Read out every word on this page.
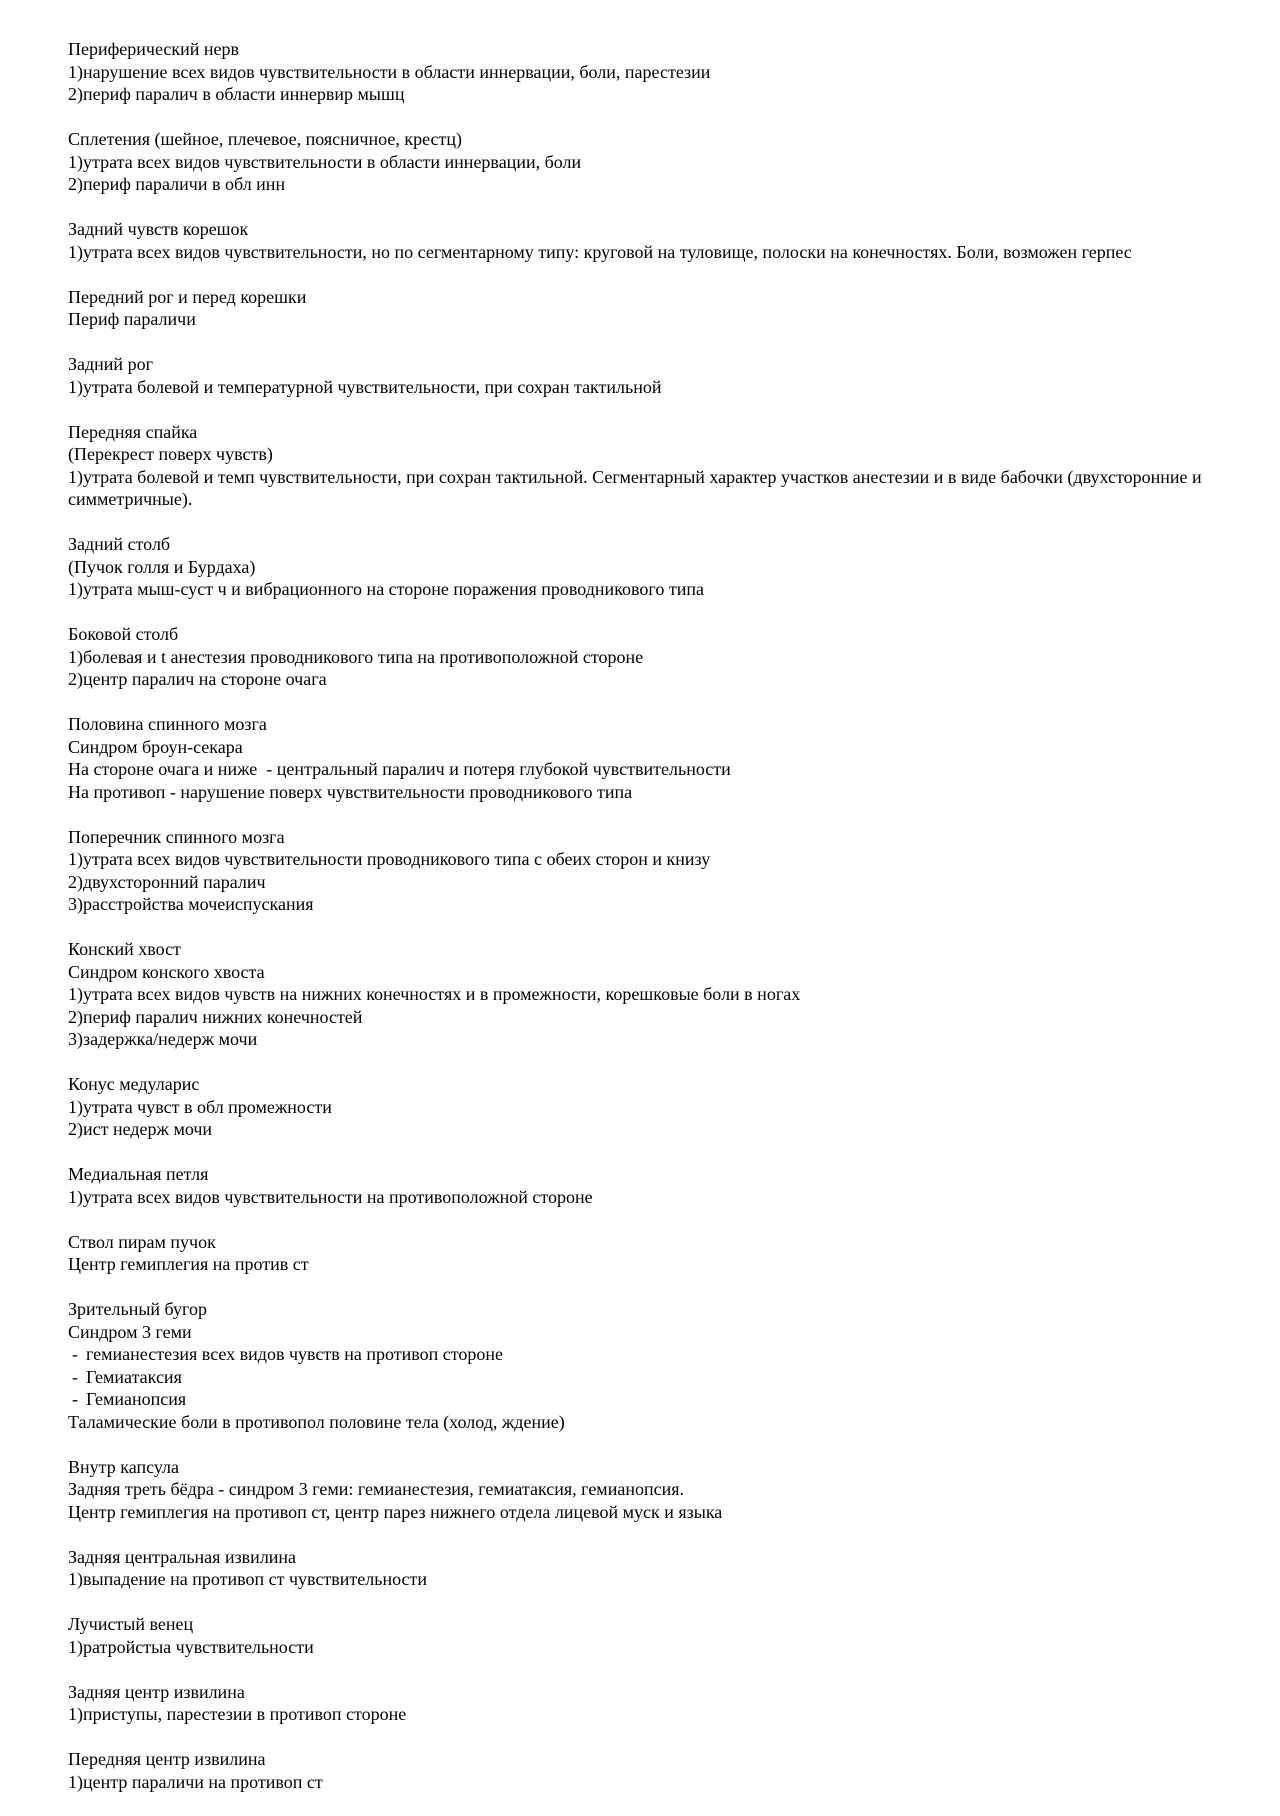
Периферический нерв
1)нарушение всех видов чувствительности в области иннервации, боли, парестезии
2)периф паралич в области иннервир мышц
Сплетения (шейное, плечевое, поясничное, крестц)
1)утрата всех видов чувствительности в области иннервации, боли
2)периф параличи в обл инн
Задний чувств корешок
1)утрата всех видов чувствительности, но по сегментарному типу: круговой на туловище, полоски на конечностях. Боли, возможен герпес
Передний рог и перед корешки
Периф параличи
Задний рог
1)утрата болевой и температурной чувствительности, при сохран тактильной
Передняя спайка
(Перекрест поверх чувств)
1)утрата болевой и темп чувствительности, при сохран тактильной. Сегментарный характер участков анестезии и в виде бабочки (двухсторонние и симметричные).
Задний столб
(Пучок голля и Бурдаха)
1)утрата мыш-суст ч и вибрационного на стороне поражения проводникового типа
Боковой столб
1)болевая и t анестезия проводникового типа на противоположной стороне
2)центр паралич на стороне очага
Половина спинного мозга
Синдром броун-секара
На стороне очага и ниже  - центральный паралич и потеря глубокой чувствительности
На противоп - нарушение поверх чувствительности проводникового типа
Поперечник спинного мозга
1)утрата всех видов чувствительности проводникового типа с обеих сторон и книзу
2)двухсторонний паралич
3)расстройства мочеиспускания
Конский хвост
Синдром конского хвоста
1)утрата всех видов чувств на нижних конечностях и в промежности, корешковые боли в ногах
2)периф паралич нижних конечностей
3)задержка/недерж мочи
Конус медуларис
1)утрата чувст в обл промежности
2)ист недерж мочи
Медиальная петля
1)утрата всех видов чувствительности на противоположной стороне
Ствол пирам пучок
Центр гемиплегия на против ст
Зрительный бугор
Синдром 3 геми
- гемианестезия всех видов чувств на противоп стороне
- Гемиатаксия
- Гемианопсия
Таламические боли в противопол половине тела (холод, ждение)
Внутр капсула
Задняя треть бёдра - синдром 3 геми: гемианестезия, гемиатаксия, гемианопсия.
Центр гемиплегия на противоп ст, центр парез нижнего отдела лицевой муск и языка
Задняя центральная извилина
1)выпадение на противоп ст чувствительности
Лучистый венец
1)ратройстыа чувствительности
Задняя центр извилина
1)приступы, парестезии в противоп стороне
Передняя центр извилина
1)центр параличи на противоп ст
